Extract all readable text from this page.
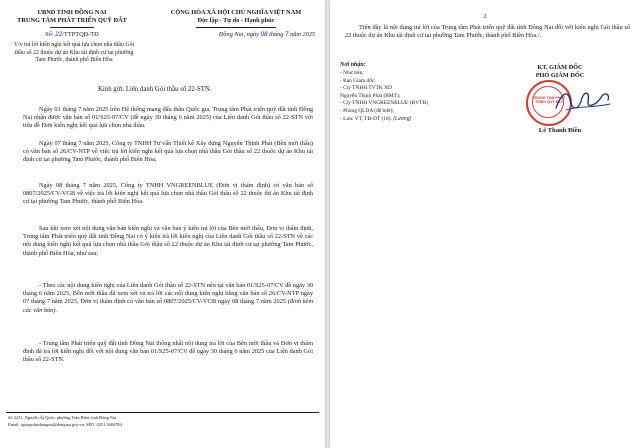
UBND TỈNH ĐỒNG NAI

TRUNG TÂM PHÁT TRIỂN QUỸ ĐẤT

CỘNG HÒA XÃ HỘI CHỦ NGHĨA VIỆT NAM

Độc lập - Tự do - Hạnh phúc

Số: 22/TTPTQĐ-TĐ	Đồng Nai, ngày 08 tháng 7 năm 2025

V/v trả lời kiến nghị kết quả lựa chọn nhà thầu Gói thầu số 22 thuộc dự án Khu tái định cư tại phường Tam Phước, thành phố Biên Hòa

Kính gửi: Liên danh Gói thầu số 22-STN.

Ngày 01 tháng 7 năm 2025 trên Hệ thống mạng đấu thầu Quốc gia, Trung tâm Phát triển quỹ đất tỉnh Đồng Nai nhận được văn bản số 01/S25-07/CV (đề ngày 30 tháng 6 năm 2025) của Liên danh Gói thầu số 22-STN với tiêu đề Đơn kiến nghị kết quả lựa chọn nhà thầu.

Ngày 07 tháng 7 năm 2025, Công ty TNHH Tư vấn Thiết kế Xây dựng Nguyễn Thịnh Phát (Bên mời thầu) có văn bản số 26/CV-NTP về việc trả lời kiến nghị kết quả lựa chọn nhà thầu Gói thầu số 22 thuộc dự án Khu tái định cư tại phường Tam Phước, thành phố Biên Hòa;

Ngày 08 tháng 7 năm 2025, Công ty TNHH VNGREENBLUE (Đơn vị thẩm định) có văn bản số 0807/2025/CV-VGB về việc trả lời kiến nghị kết quả lựa chọn nhà thầu Gói thầu số 22 thuộc dự án Khu tái định cư tại phường Tam Phước, thành phố Biên Hòa.

Sau khi xem xét nội dung văn bản kiến nghị và văn bản ý kiến trả lời của Bên mời thầu, Đơn vị thẩm định, Trung tâm Phát triển quỹ đất tỉnh Đồng Nai có ý kiến trả lời kiến nghị của Liên danh Gói thầu số 22-STN về các nội dung kiến nghị kết quả lựa chọn nhà thầu Gói thầu số 22 thuộc dự án Khu tái định cư tại phường Tam Phước, thành phố Biên Hòa, như sau:

- Theo các nội dung kiến nghị của Liên danh Gói thầu số 22-STN nêu tại văn bản 01/S25-07/CV đề ngày 30 tháng 6 năm 2025, Bên mời thầu đã xem xét và trả lời các nội dung kiến nghị bằng văn bản số 26/CV-NTP ngày 07 tháng 7 năm 2025, Đơn vị thẩm định có văn bản số 0807/2025/CV-VGB ngày 08 tháng 7 năm 2025 (đính kèm các văn bản).

- Trung tâm Phát triển quỹ đất tỉnh Đồng Nai thống nhất nội dung trả lời của Bên mời thầu và Đơn vị thẩm định đã trả lời kiến nghị đối với nội dung văn bản 01/S25-07/CV đề ngày 30 tháng 6 năm 2025 của Liên danh Gói thầu số 22-STN.

Số 2231, Nguyễn Ái Quốc, phường Trấn Biên, tỉnh Đồng Nai.

Email: ttptquydatdongnai@dongnai.gov.vn; SĐT: 0251.3684784

2

Trên đây là nội dung trả lời của Trung tâm Phát triển quỹ đất tỉnh Đồng Nai đối với kiến nghị Gói thầu số 22 thuộc dự án Khu tái định cư tại phường Tam Phước, thành phố Biên Hòa./.

Nơi nhận:

- Như trên;
- Ban Giám đốc;
- Cty TNHH TVTK XD
Nguyễn Thịnh Phát (BMT);
- Cty TNHH VNGREENBLUE (ĐVTĐ)
- Phòng QLDA (để biết);
- Lưu: VT, TĐ-DT (18). (Lương)

KT. GIÁM ĐỐC

PHÓ GIÁM ĐỐC

TRUNG TÂM PHÁT TRIỂN QUỸ ĐẤT

Lê Thanh Điền
